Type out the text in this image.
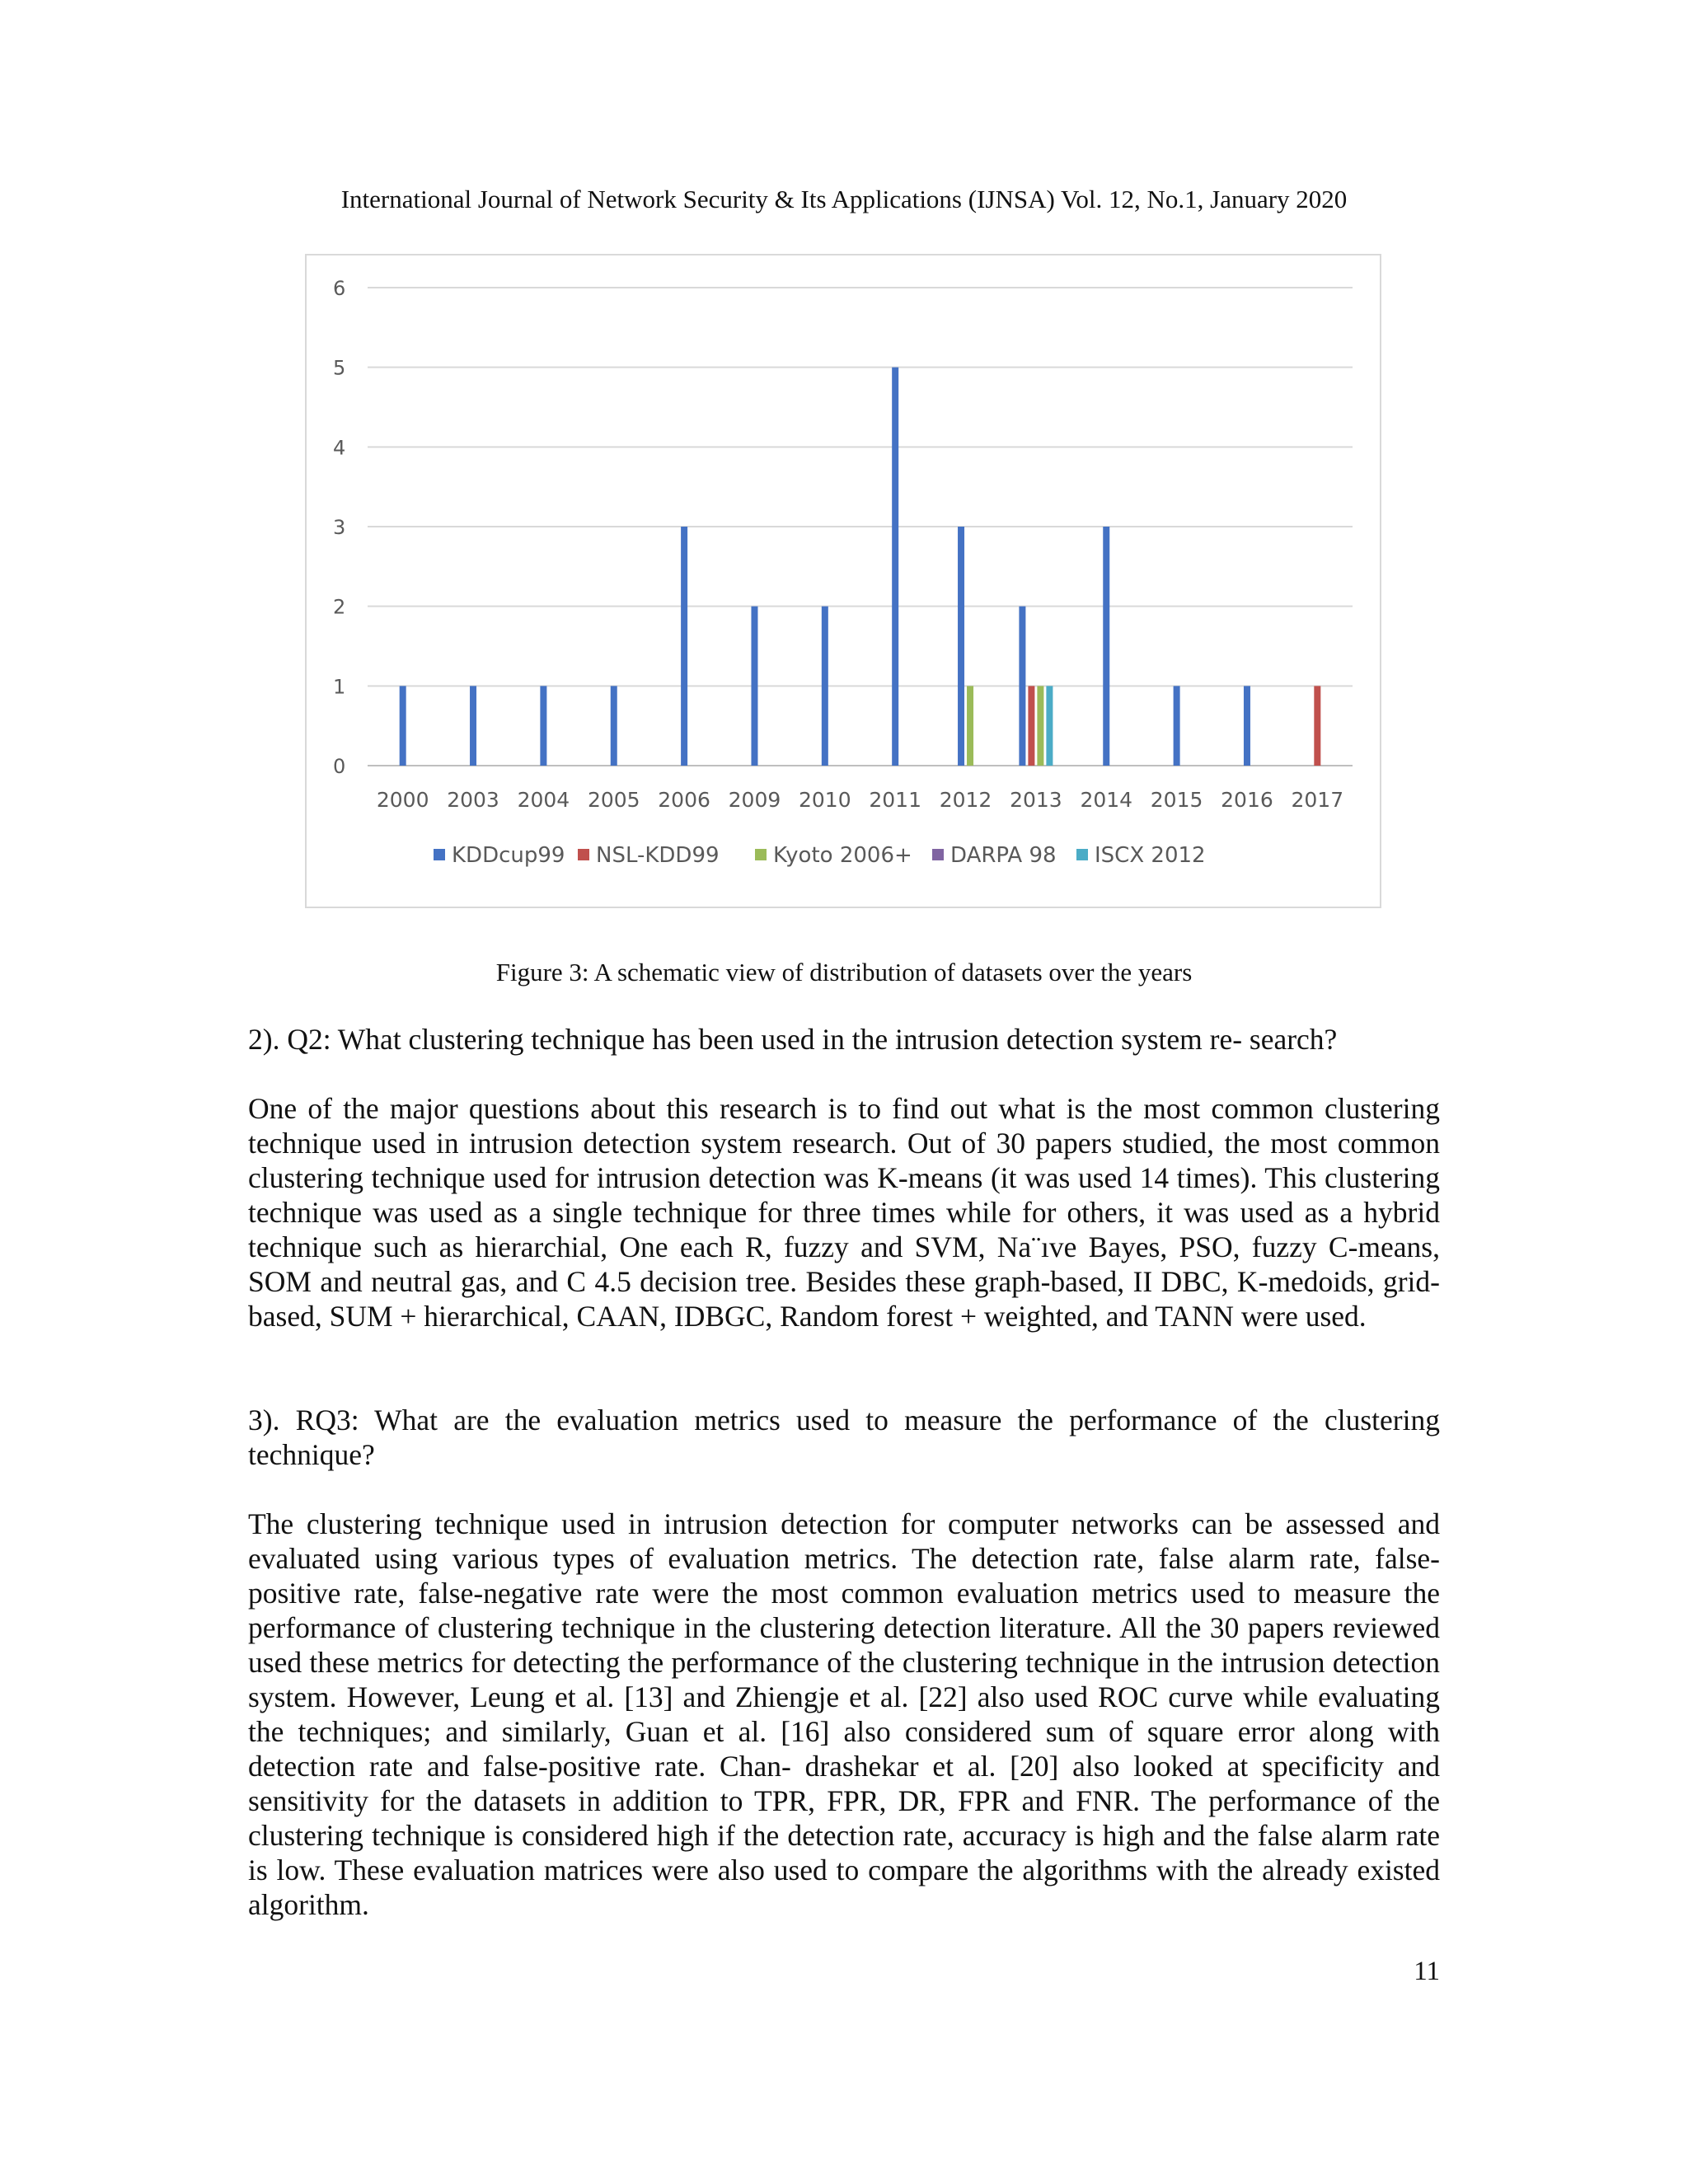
International Journal of Network Security & Its Applications (IJNSA) Vol. 12, No.1, January 2020
0
1
2
3
4
5
6
2000 2003 2004 2005 2006 2009 2010 2011 2012 2013 2014 2015 2016 2017
KDDcup99 NSL-KDD99	Kyoto 2006+ DARPA 98 ISCX 2012
Figure 3: A schematic view of distribution of datasets over the years

2). Q2: What clustering technique has been used in the intrusion detection system re- search?

One of the major questions about this research is to find out what is the most common clustering technique used in intrusion detection system research. Out of 30 papers studied, the most common clustering technique used for intrusion detection was K-means (it was used 14 times). This clustering technique was used as a single technique for three times while for others, it was used as a hybrid technique such as hierarchial, One each R, fuzzy and SVM, Na¨ıve Bayes, PSO, fuzzy C-means, SOM and neutral gas, and C 4.5 decision tree. Besides these graph-based, II DBC, K-medoids, grid-based, SUM + hierarchical, CAAN, IDBGC, Random forest + weighted, and TANN were used.

3). RQ3: What are the evaluation metrics used to measure the performance of the clustering technique?

The clustering technique used in intrusion detection for computer networks can be assessed and evaluated using various types of evaluation metrics. The detection rate, false alarm rate, false-positive rate, false-negative rate were the most common evaluation metrics used to measure the performance of clustering technique in the clustering detection literature. All the 30 papers reviewed used these metrics for detecting the performance of the clustering technique in the intrusion detection system. However, Leung et al. [13] and Zhiengje et al. [22] also used ROC curve while evaluating the techniques; and similarly, Guan et al. [16] also considered sum of square error along with detection rate and false-positive rate. Chan- drashekar et al. [20] also looked at specificity and sensitivity for the datasets in addition to TPR, FPR, DR, FPR and FNR. The performance of the clustering technique is considered high if the detection rate, accuracy is high and the false alarm rate is low. These evaluation matrices were also used to compare the algorithms with the already existed algorithm.

11
